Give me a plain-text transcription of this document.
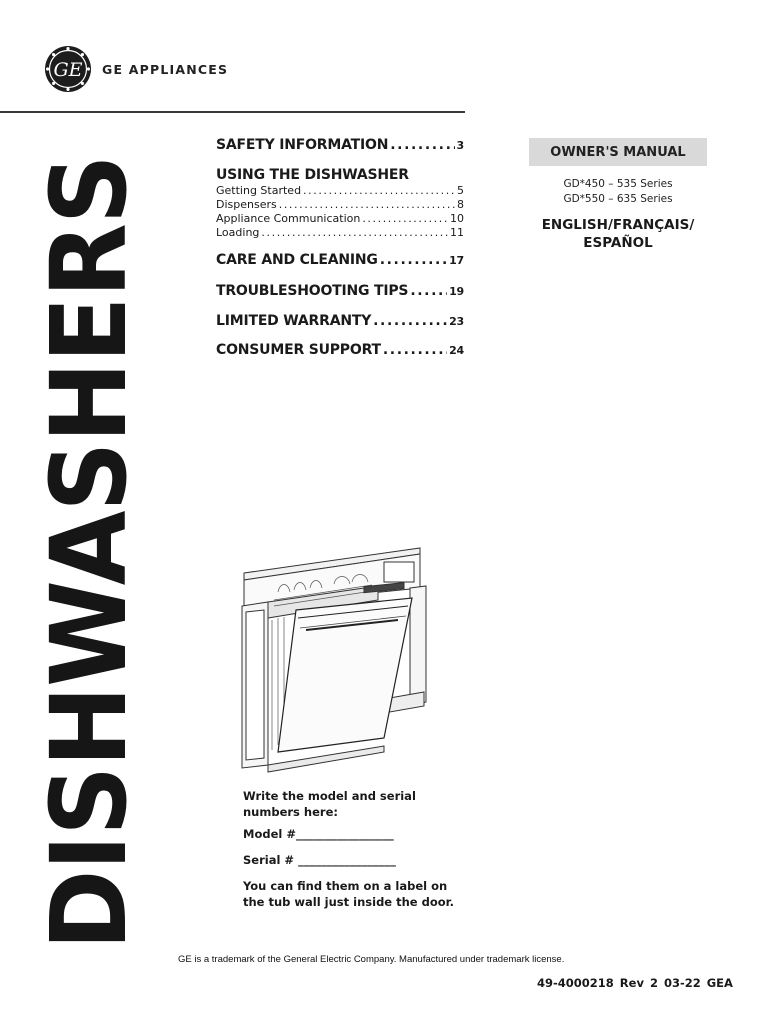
GE GE APPLIANCES
DISHWASHERS
SAFETY INFORMATION .....	3
USING THE DISHWASHER
Getting Started .....	5
Dispensers .....	8
Appliance Communication .....	10
Loading .....	11
CARE AND CLEANING .....	17
TROUBLESHOOTING TIPS .....	19
LIMITED WARRANTY .....	23
CONSUMER SUPPORT .....	24
OWNER'S MANUAL
GD*450 – 535 Series
GD*550 – 635 Series
ENGLISH/FRANÇAIS/
ESPAÑOL
Write the model and serial
numbers here:
Model #_________________
Serial # _________________
You can find them on a label on
the tub wall just inside the door.
GE is a trademark of the General Electric Company. Manufactured under trademark license.
49-4000218 Rev 2 03-22 GEA
